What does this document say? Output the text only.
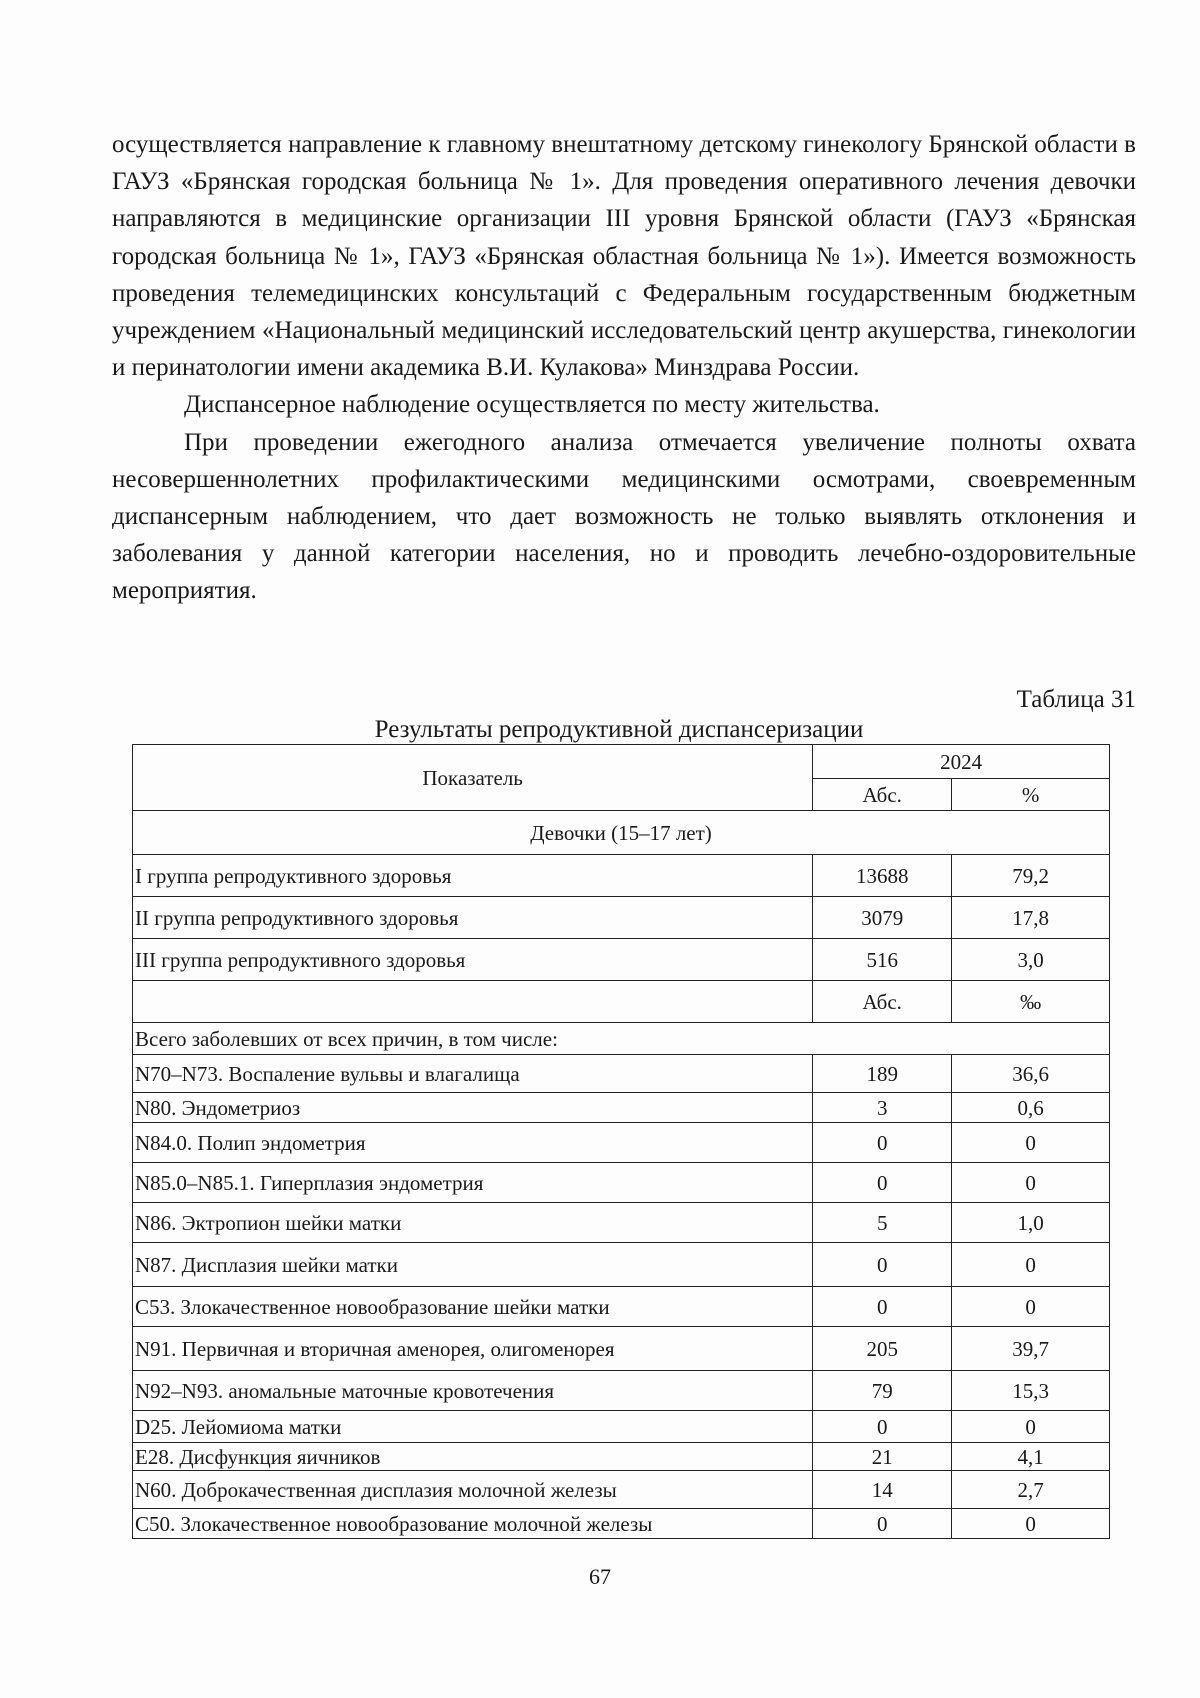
осуществляется направление к главному внештатному детскому гинекологу Брянской области в ГАУЗ «Брянская городская больница № 1». Для проведения оперативного лечения девочки направляются в медицинские организации III уровня Брянской области (ГАУЗ «Брянская городская больница № 1», ГАУЗ «Брянская областная больница № 1»). Имеется возможность проведения телемедицинских консультаций с Федеральным государственным бюджетным учреждением «Национальный медицинский исследовательский центр акушерства, гинекологии и перинатологии имени академика В.И. Кулакова» Минздрава России.

Диспансерное наблюдение осуществляется по месту жительства.

При проведении ежегодного анализа отмечается увеличение полноты охвата несовершеннолетних профилактическими медицинскими осмотрами, своевременным диспансерным наблюдением, что дает возможность не только выявлять отклонения и заболевания у данной категории населения, но и проводить лечебно-оздоровительные мероприятия.

Таблица 31
Результаты репродуктивной диспансеризации
Показатель	2024	
	Абс.	%
Девочки (15–17 лет)		
I группа репродуктивного здоровья	13688	79,2
II группа репродуктивного здоровья	3079	17,8
III группа репродуктивного здоровья	516	3,0
	Абс.	‰
Всего заболевших от всех причин, в том числе:		
N70–N73. Воспаление вульвы и влагалища	189	36,6
N80. Эндометриоз	3	0,6
N84.0. Полип эндометрия	0	0
N85.0–N85.1. Гиперплазия эндометрия	0	0
N86. Эктропион шейки матки	5	1,0
N87. Дисплазия шейки матки	0	0
С53. Злокачественное новообразование шейки матки	0	0
N91. Первичная и вторичная аменорея, олигоменорея	205	39,7
N92–N93. аномальные маточные кровотечения	79	15,3
D25. Лейомиома матки	0	0
E28. Дисфункция яичников	21	4,1
N60. Доброкачественная дисплазия молочной железы	14	2,7
C50. Злокачественное новообразование молочной железы	0	0
67
